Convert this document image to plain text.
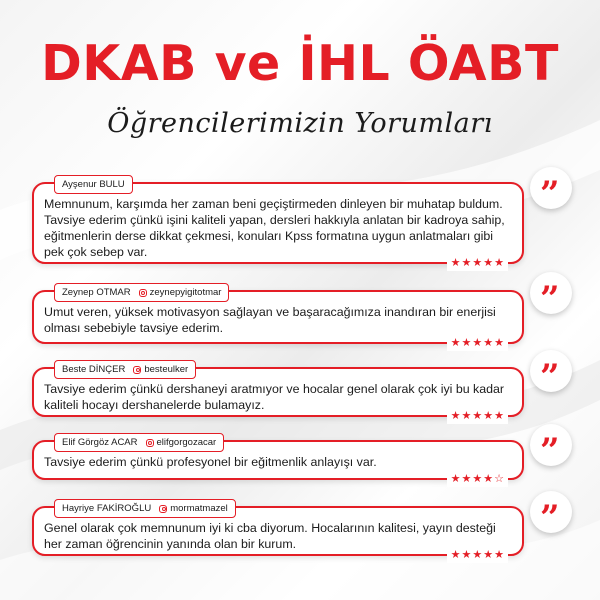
DKAB ve İHL ÖABT
Öğrencilerimizin Yorumları
Ayşenur BULU
Memnunum, karşımda her zaman beni geçiştirmeden dinleyen bir muhatap buldum. Tavsiye ederim çünkü işini kaliteli yapan, dersleri hakkıyla anlatan bir kadroya sahip, eğitmenlerin derse dikkat çekmesi, konuları Kpss formatına uygun anlatmaları gibi pek çok sebep var.
★ ★ ★ ★ ★
”
Zeynep OTMAR zeynepyigitotmar
Umut veren, yüksek motivasyon sağlayan ve başaracağımıza inandıran bir enerjisi olması sebebiyle tavsiye ederim.
★ ★ ★ ★ ★
”
Beste DİNÇER besteulker
Tavsiye ederim çünkü dershaneyi aratmıyor ve hocalar genel olarak çok iyi bu kadar kaliteli hocayı dershanelerde bulamayız.
★ ★ ★ ★ ★
”
Elif Görgöz ACAR elifgorgozacar
Tavsiye ederim çünkü profesyonel bir eğitmenlik anlayışı var.
★ ★ ★ ★ ☆
”
Hayriye FAKİROĞLU mormatmazel
Genel olarak çok memnunum iyi ki cba diyorum. Hocalarının kalitesi, yayın desteği her zaman öğrencinin yanında olan bir kurum.
★ ★ ★ ★ ★
”
